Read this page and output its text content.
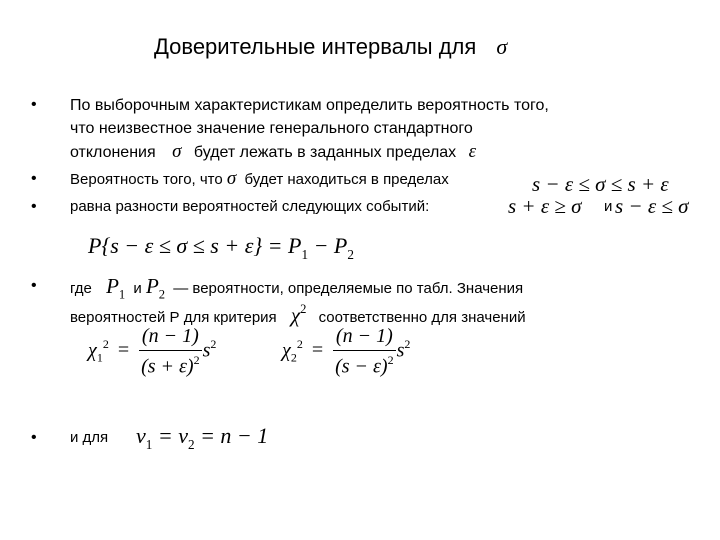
Доверительные интервалы для σ
• По выборочным характеристикам определить вероятность того,
что неизвестное значение генерального стандартного
отклонения σ будет лежать в заданных пределах ε
• Вероятность того, что σ будет находиться в пределах	s − ε ≤ σ ≤ s + ε
• равна разности вероятностей следующих событий:	s + ε ≥ σ и s − ε ≤ σ
$P\{s - \varepsilon \le \sigma \le s + \varepsilon\} = P_1 - P_2$
• где $P_1$ и $P_2$ — вероятности, определяемые по табл. Значения
вероятностей Р для критерия $\chi^2$ соответственно для значений
$\chi_1^2 = \frac{(n - 1)}{(s + \varepsilon)^2} s^2$	$\chi_2^2 = \frac{(n - 1)}{(s - \varepsilon)^2} s^2$
• и для $\nu_1 = \nu_2 = n - 1$
